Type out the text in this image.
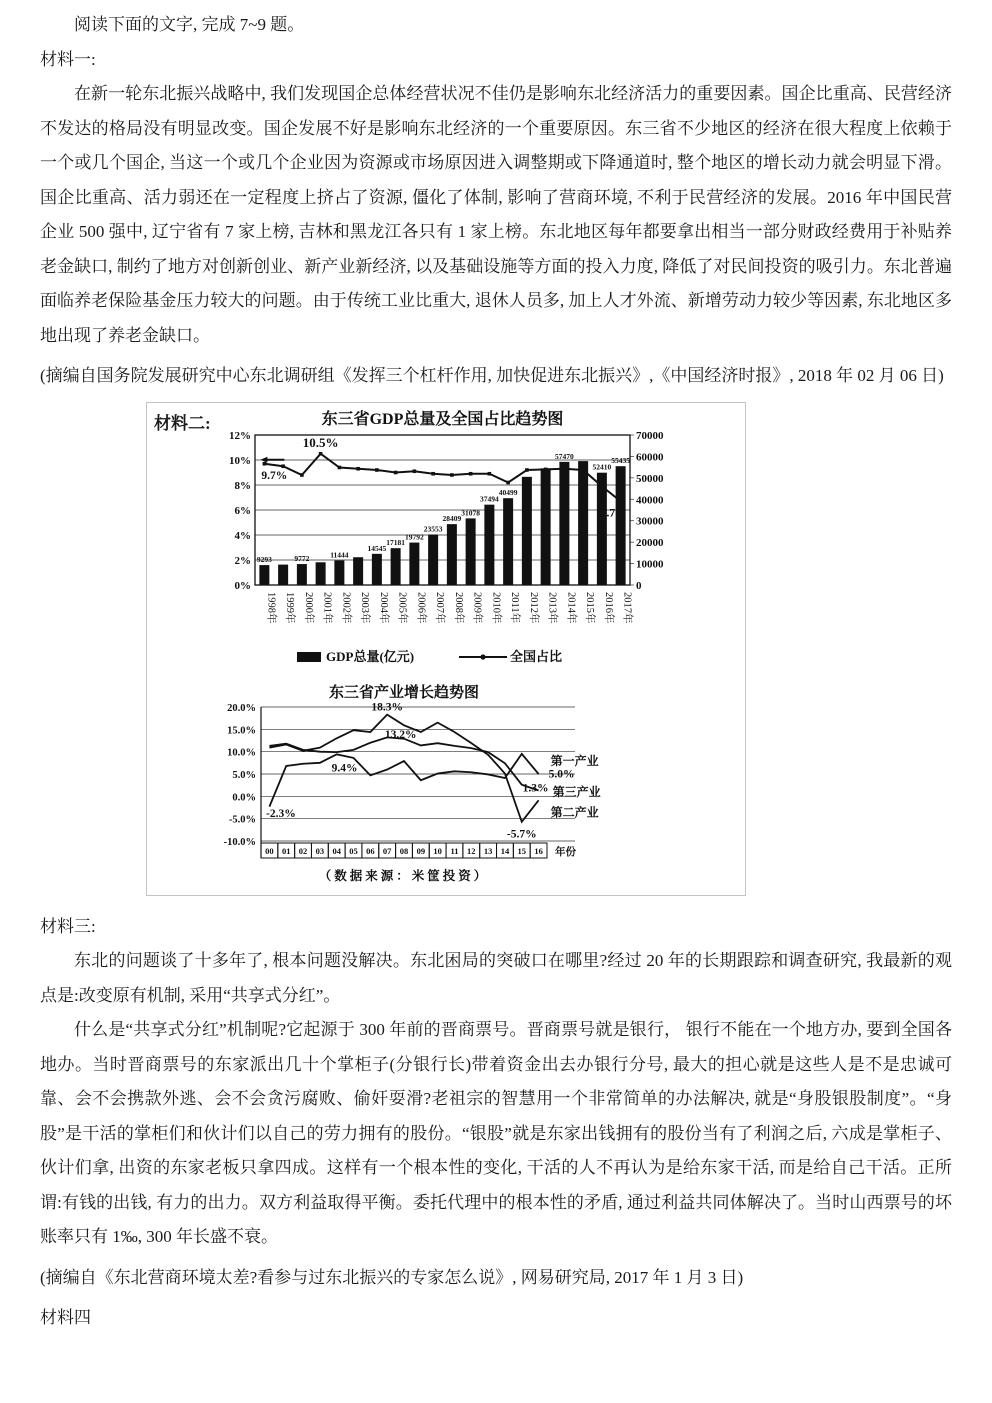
阅读下面的文字, 完成 7~9 题。

材料一:

在新一轮东北振兴战略中, 我们发现国企总体经营状况不佳仍是影响东北经济活力的重要因素。国企比重高、民营经济不发达的格局没有明显改变。国企发展不好是影响东北经济的一个重要原因。东三省不少地区的经济在很大程度上依赖于一个或几个国企, 当这一个或几个企业因为资源或市场原因进入调整期或下降通道时, 整个地区的增长动力就会明显下滑。国企比重高、活力弱还在一定程度上挤占了资源, 僵化了体制, 影响了营商环境, 不利于民营经济的发展。2016 年中国民营企业 500 强中, 辽宁省有 7 家上榜, 吉林和黑龙江各只有 1 家上榜。东北地区每年都要拿出相当一部分财政经费用于补贴养老金缺口, 制约了地方对创新创业、新产业新经济, 以及基础设施等方面的投入力度, 降低了对民间投资的吸引力。东北普遍面临养老保险基金压力较大的问题。由于传统工业比重大, 退休人员多, 加上人才外流、新增劳动力较少等因素, 东北地区多地出现了养老金缺口。

(摘编自国务院发展研究中心东北调研组《发挥三个杠杆作用, 加快促进东北振兴》,《中国经济时报》, 2018 年 02 月 06 日)

材料二:	东三省GDP总量及全国占比趋势图
0%
2%
4%
6%
8%
10%
12%
0
10000
20000
30000
40000
50000
60000
70000
9293	9772	11444
14545
17181
19792
23553
28409
31078
37494
40499
57470
52410
55435
9.7%
10.5%
6.7%
1998年 1999年 2000年 2001年 2002年 2003年 2004年 2005年 2006年 2007年 2008年 2009年 2010年 2011年 2012年 2013年 2014年 2015年 2016年 2017年
GDP总量(亿元)	全国占比
东三省产业增长趋势图
20.0%
15.0%
10.0%
5.0%
0.0%
-5.0%
-10.0%
00 01 02 03 04 05 06 07 08 09 10 11 12 13 14 15 16 年份
-2.3%
9.4%
18.3%
13.2%
-5.7%
5.0%
1.3%
第一产业
第三产业
第二产业
（数据来源：米筐投资）

材料三:

东北的问题谈了十多年了, 根本问题没解决。东北困局的突破口在哪里?经过 20 年的长期跟踪和调查研究, 我最新的观点是:改变原有机制, 采用“共享式分红”。

什么是“共享式分红”机制呢?它起源于 300 年前的晋商票号。晋商票号就是银行， 银行不能在一个地方办, 要到全国各地办。当时晋商票号的东家派出几十个掌柜子(分银行长)带着资金出去办银行分号, 最大的担心就是这些人是不是忠诚可靠、会不会携款外逃、会不会贪污腐败、偷奸耍滑?老祖宗的智慧用一个非常简单的办法解决, 就是“身股银股制度”。“身股”是干活的掌柜们和伙计们以自己的劳力拥有的股份。“银股”就是东家出钱拥有的股份当有了利润之后, 六成是掌柜子、伙计们拿, 出资的东家老板只拿四成。这样有一个根本性的变化, 干活的人不再认为是给东家干活, 而是给自己干活。正所谓:有钱的出钱, 有力的出力。双方利益取得平衡。委托代理中的根本性的矛盾, 通过利益共同体解决了。当时山西票号的坏账率只有 1‰, 300 年长盛不衰。

(摘编自《东北营商环境太差?看参与过东北振兴的专家怎么说》, 网易研究局, 2017 年 1 月 3 日)

材料四
